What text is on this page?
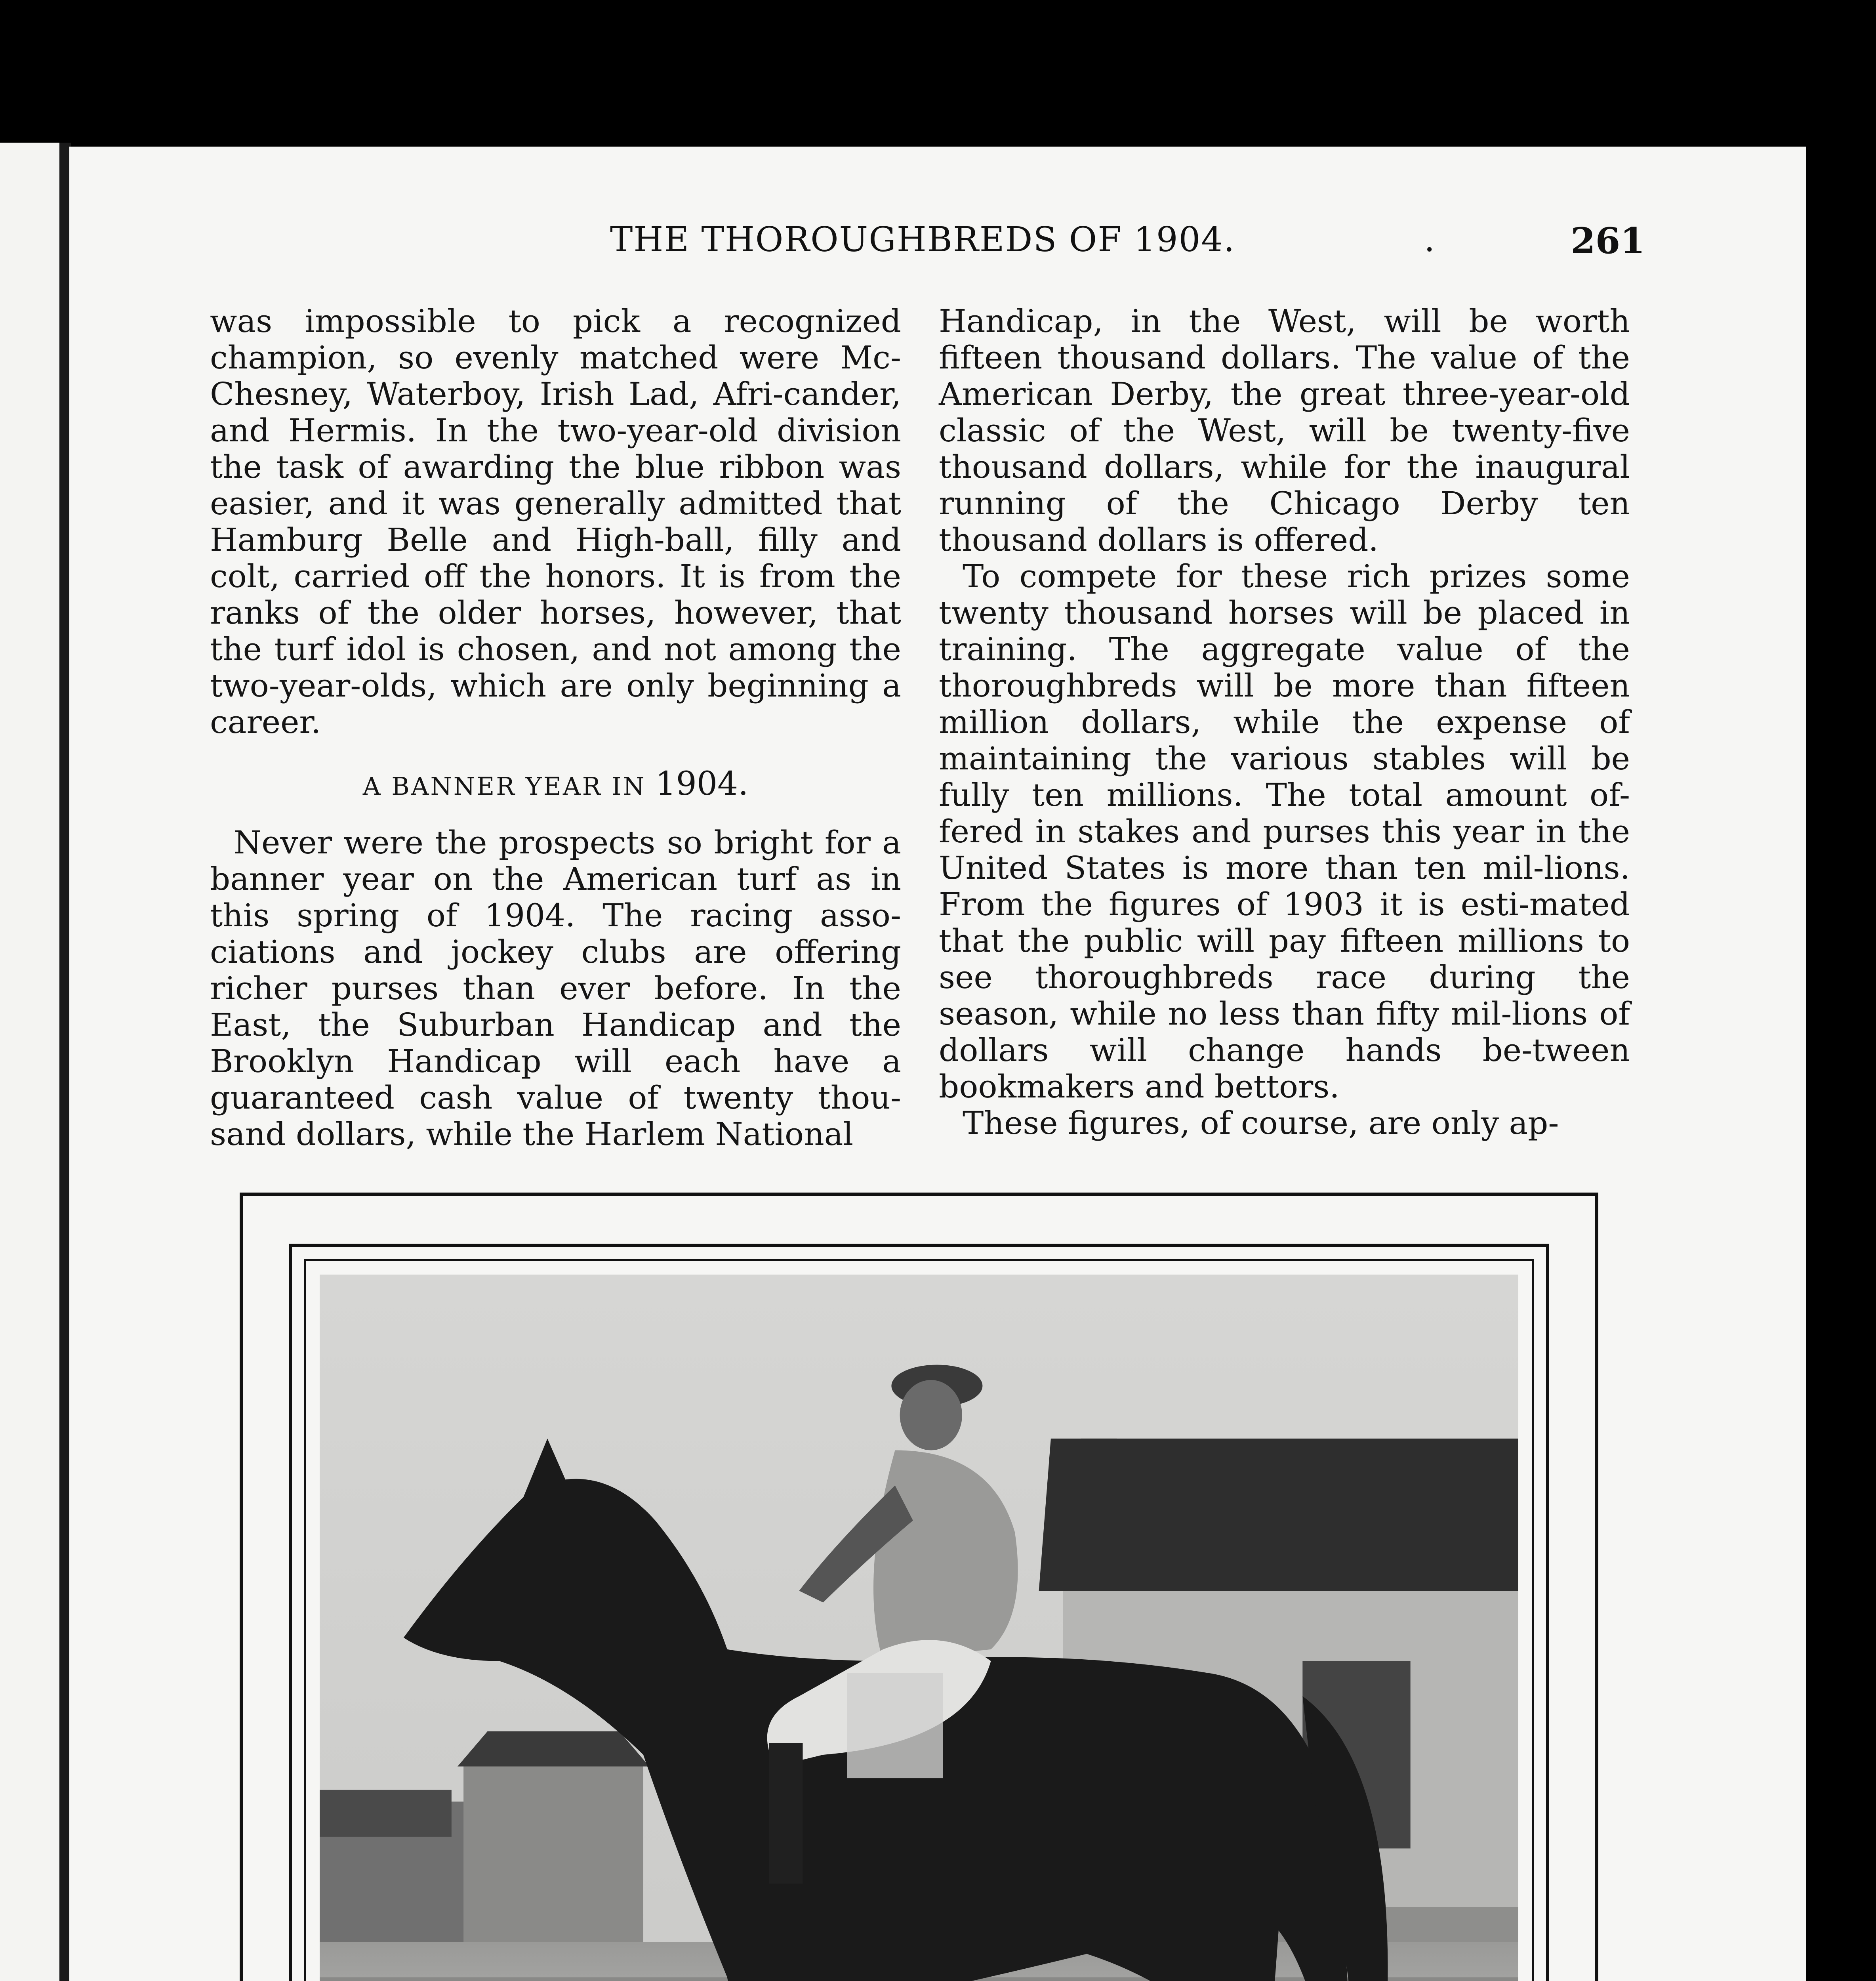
THE THOROUGHBREDS OF 1904.	.	261

was impossible to pick a recognized champion, so evenly matched were Mc-Chesney, Waterboy, Irish Lad, Afri-cander, and Hermis. In the two-year-old division the task of awarding the blue ribbon was easier, and it was generally admitted that Hamburg Belle and High-ball, filly and colt, carried off the honors. It is from the ranks of the older horses, however, that the turf idol is chosen, and not among the two-year-olds, which are only beginning a career.

A BANNER YEAR IN 1904.

Never were the prospects so bright for a banner year on the American turf as in this spring of 1904. The racing asso-ciations and jockey clubs are offering richer purses than ever before. In the East, the Suburban Handicap and the Brooklyn Handicap will each have a guaranteed cash value of twenty thou-sand dollars, while the Harlem National

Handicap, in the West, will be worth fifteen thousand dollars. The value of the American Derby, the great three-year-old classic of the West, will be twenty-five thousand dollars, while for the inaugural running of the Chicago Derby ten thousand dollars is offered.

To compete for these rich prizes some twenty thousand horses will be placed in training. The aggregate value of the thoroughbreds will be more than fifteen million dollars, while the expense of maintaining the various stables will be fully ten millions. The total amount of-fered in stakes and purses this year in the United States is more than ten mil-lions. From the figures of 1903 it is esti-mated that the public will pay fifteen millions to see thoroughbreds race during the season, while no less than fifty mil-lions of dollars will change hands be-tween bookmakers and bettors.

These figures, of course, are only ap-
